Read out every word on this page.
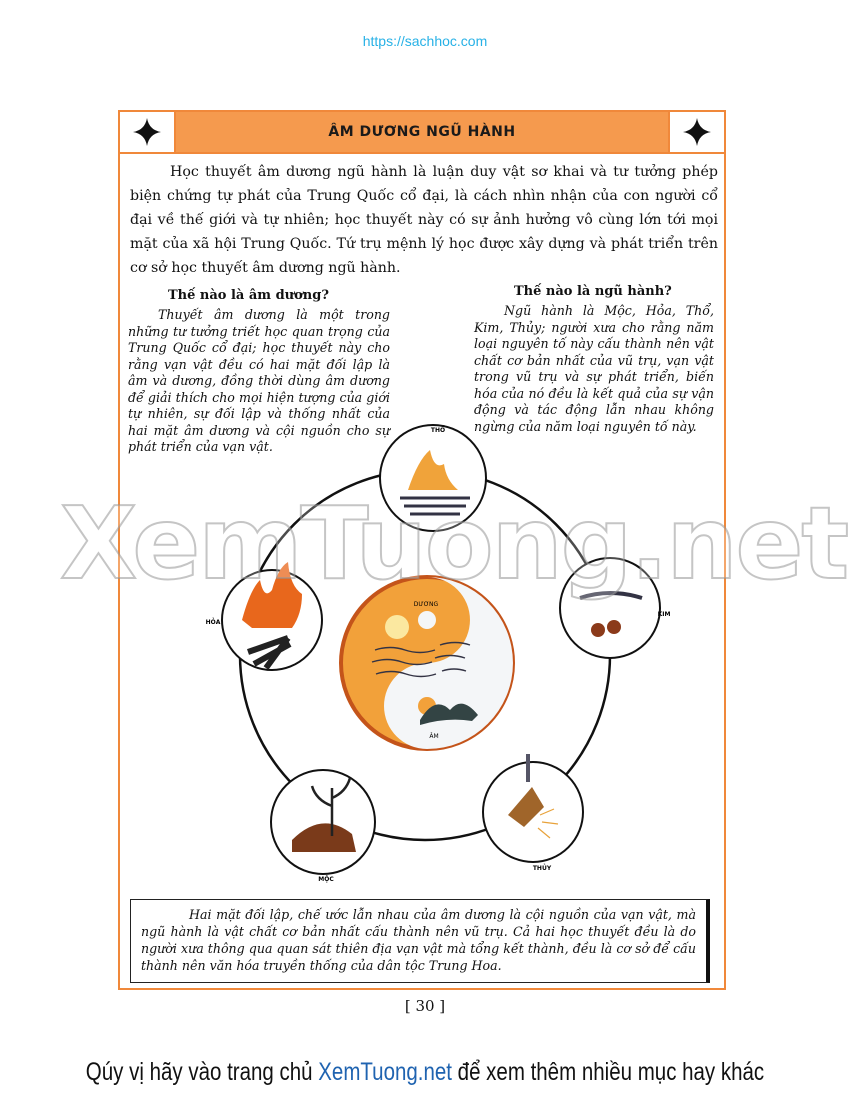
https://sachhoc.com
ÂM DƯƠNG NGŨ HÀNH

Học thuyết âm dương ngũ hành là luận duy vật sơ khai và tư tưởng phép biện chứng tự phát của Trung Quốc cổ đại, là cách nhìn nhận của con người cổ đại về thế giới và tự nhiên; học thuyết này có sự ảnh hưởng vô cùng lớn tới mọi mặt của xã hội Trung Quốc. Tứ trụ mệnh lý học được xây dựng và phát triển trên cơ sở học thuyết âm dương ngũ hành.

Thế nào là âm dương?

Thuyết âm dương là một trong những tư tưởng triết học quan trọng của Trung Quốc cổ đại; học thuyết này cho rằng vạn vật đều có hai mặt đối lập là âm và dương, đồng thời dùng âm dương để giải thích cho mọi hiện tượng của giới tự nhiên, sự đối lập và thống nhất của hai mặt âm dương và cội nguồn cho sự phát triển của vạn vật.

Thế nào là ngũ hành?

Ngũ hành là Mộc, Hỏa, Thổ, Kim, Thủy; người xưa cho rằng năm loại nguyên tố này cấu thành nên vật chất cơ bản nhất của vũ trụ, vạn vật trong vũ trụ và sự phát triển, biến hóa của nó đều là kết quả của sự vận động và tác động lẫn nhau không ngừng của năm loại nguyên tố này.

Hai mặt đối lập, chế ước lẫn nhau của âm dương là cội nguồn của vạn vật, mà ngũ hành là vật chất cơ bản nhất cấu thành nên vũ trụ. Cả hai học thuyết đều là do người xưa thông qua quan sát thiên địa vạn vật mà tổng kết thành, đều là cơ sở để cấu thành nên văn hóa truyền thống của dân tộc Trung Hoa.

DƯƠNG
ÂM
THỔ
KIM
THỦY
MỘC
HỎA
XemTuong.net
[ 30 ]
Qúy vị hãy vào trang chủ XemTuong.net để xem thêm nhiều mục hay khác
